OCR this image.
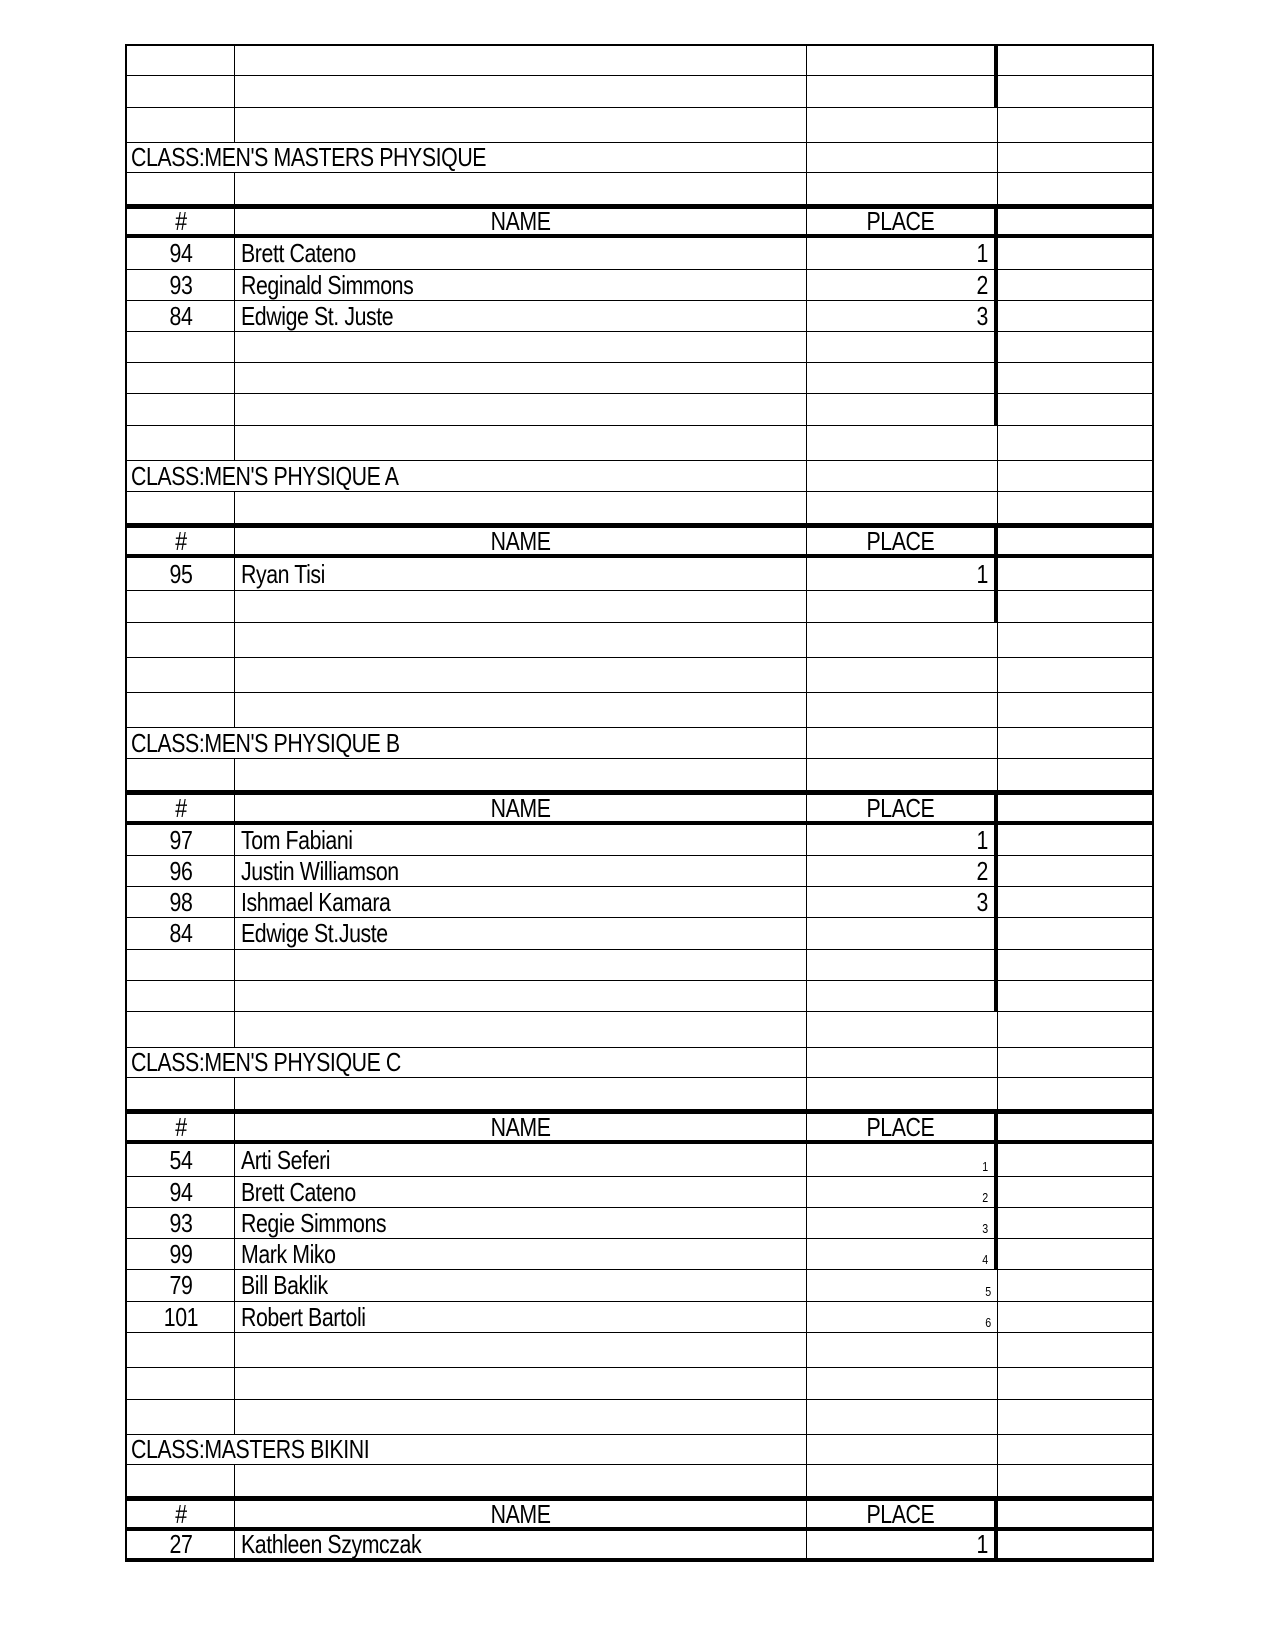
CLASS:MEN'S MASTERS PHYSIQUE
#	NAME	PLACE
94 Brett Cateno	1
93 Reginald Simmons	2
84 Edwige St. Juste	3
CLASS:MEN'S PHYSIQUE A
#	NAME	PLACE
95 Ryan Tisi	1
CLASS:MEN'S PHYSIQUE B
#	NAME	PLACE
97 Tom Fabiani	1
96 Justin Williamson	2
98 Ishmael Kamara	3
84 Edwige St.Juste
CLASS:MEN'S PHYSIQUE C
#	NAME	PLACE
54 Arti Seferi	1
94 Brett Cateno	2
93 Regie Simmons	3
99 Mark Miko	4
79 Bill Baklik	5
101 Robert Bartoli	6
CLASS:MASTERS BIKINI
#	NAME	PLACE
27 Kathleen Szymczak	1
